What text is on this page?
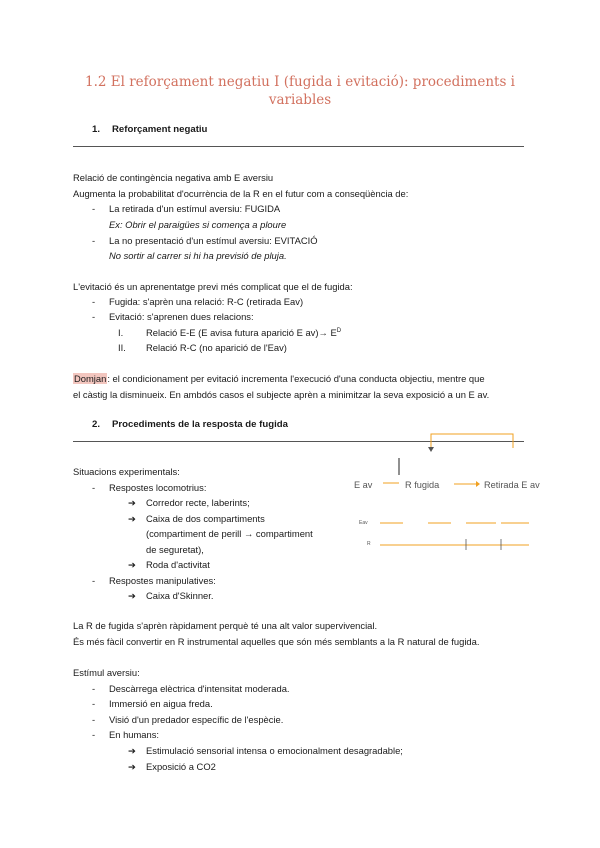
1.2 El reforçament negatiu I (fugida i evitació): procediments i variables
1. Reforçament negatiu
Relació de contingència negativa amb E aversiu
Augmenta la probabilitat d'ocurrència de la R en el futur com a conseqüència de:
- La retirada d'un estímul aversiu: FUGIDA
Ex: Obrir el paraigües si comença a ploure
- La no presentació d'un estímul aversiu: EVITACIÓ
No sortir al carrer si hi ha previsió de pluja.
L'evitació és un aprenentatge previ més complicat que el de fugida:
- Fugida: s'aprèn una relació: R-C (retirada Eav)
- Evitació: s'aprenen dues relacions:
I. Relació E-E (E avisa futura aparició E $av)\to E^D$
II. Relació R-C (no aparició de l'Eav)
Domjan: el condicionament per evitació incrementa l'execució d'una conducta objectiu, mentre que
el càstig la disminueix. En ambdós casos el subjecte aprèn a minimitzar la seva exposició a un E av.
2. Procediments de la resposta de fugida
Situacions experimentals:
- Respostes locomotrius:
➔ Corredor recte, laberints;
➔ Caixa de dos compartiments
(compartiment de perill → compartiment
de seguretat),
➔ Roda d'activitat
- Respostes manipulatives:
➔ Caixa d'Skinner.
E av	R fugida	Retirada E av
Eav
R
La R de fugida s'aprèn ràpidament perquè té una alt valor supervivencial.
És més fàcil convertir en R instrumental aquelles que són més semblants a la R natural de fugida.
Estímul aversiu:
- Descàrrega elèctrica d'intensitat moderada.
- Immersió en aigua freda.
- Visió d'un predador específic de l'espècie.
- En humans:
➔ Estimulació sensorial intensa o emocionalment desagradable;
➔ Exposició a CO2
